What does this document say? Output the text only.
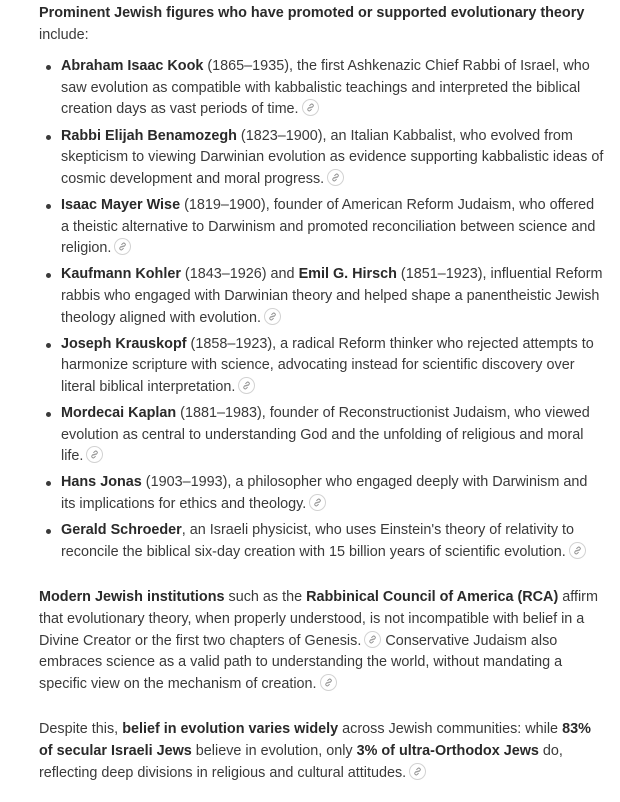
Prominent Jewish figures who have promoted or supported evolutionary theory include:

Abraham Isaac Kook (1865–1935), the first Ashkenazic Chief Rabbi of Israel, who saw evolution as compatible with kabbalistic teachings and interpreted the biblical creation days as vast periods of time.
Rabbi Elijah Benamozegh (1823–1900), an Italian Kabbalist, who evolved from skepticism to viewing Darwinian evolution as evidence supporting kabbalistic ideas of cosmic development and moral progress.
Isaac Mayer Wise (1819–1900), founder of American Reform Judaism, who offered a theistic alternative to Darwinism and promoted reconciliation between science and religion.
Kaufmann Kohler (1843–1926) and Emil G. Hirsch (1851–1923), influential Reform rabbis who engaged with Darwinian theory and helped shape a panentheistic Jewish theology aligned with evolution.
Joseph Krauskopf (1858–1923), a radical Reform thinker who rejected attempts to harmonize scripture with science, advocating instead for scientific discovery over literal biblical interpretation.
Mordecai Kaplan (1881–1983), founder of Reconstructionist Judaism, who viewed evolution as central to understanding God and the unfolding of religious and moral life.
Hans Jonas (1903–1993), a philosopher who engaged deeply with Darwinism and its implications for ethics and theology.
Gerald Schroeder, an Israeli physicist, who uses Einstein's theory of relativity to reconcile the biblical six-day creation with 15 billion years of scientific evolution.

Modern Jewish institutions such as the Rabbinical Council of America (RCA) affirm that evolutionary theory, when properly understood, is not incompatible with belief in a Divine Creator or the first two chapters of Genesis.
Conservative Judaism also embraces science as a valid path to understanding the world, without mandating a specific view on the mechanism of creation.

Despite this, belief in evolution varies widely across Jewish communities: while 83% of secular Israeli Jews believe in evolution, only 3% of ultra-Orthodox Jews do, reflecting deep divisions in religious and cultural attitudes.
